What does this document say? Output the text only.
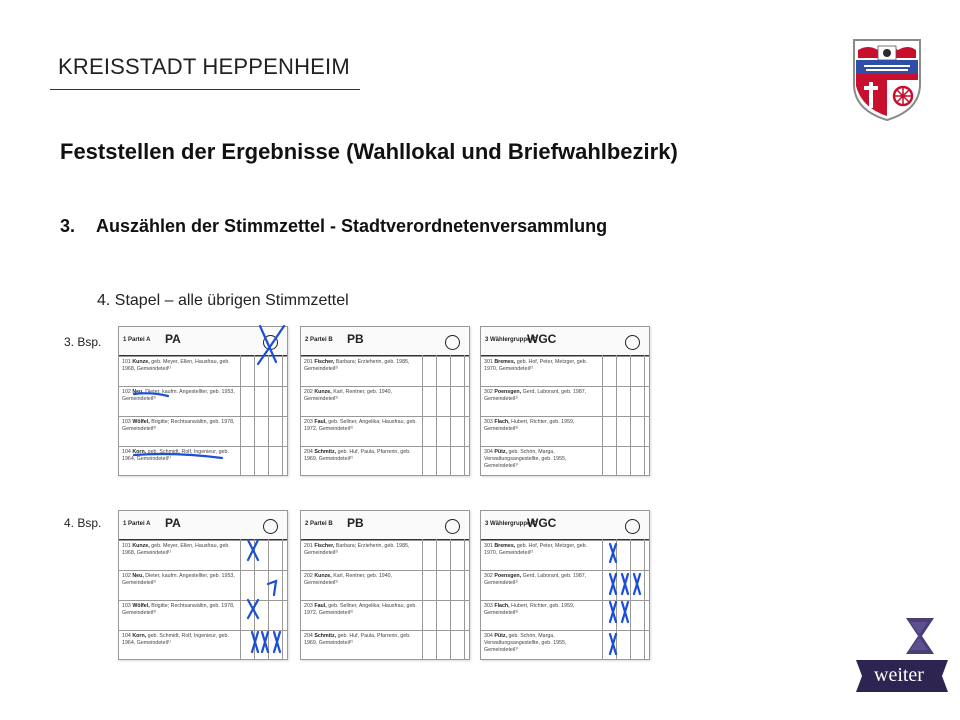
KREISSTADT HEPPENHEIM
Feststellen der Ergebnisse (Wahllokal und Briefwahlbezirk)
3. Auszählen der Stimmzettel - Stadtverordnetenversammlung
4. Stapel – alle übrigen Stimmzettel
3. Bsp.
4. Bsp.
1 Partei A PA
101 Kunze, geb. Meyer, Ellen, Hausfrau, geb. 1968, Gemeindeteil¹⁾
102 Neu, Dieter, kaufm. Angestellter, geb. 1953, Gemeindeteil²⁾
103 Wölfel, Brigitte; Rechtsanwältin, geb. 1978, Gemeindeteil³⁾
104 Korn, geb. Schmidt, Rolf, Ingenieur, geb. 1964, Gemeindeteil¹⁾
2 Partei B PB
201 Fischer, Barbara; Erzieherin, geb. 1985, Gemeindeteil²⁾
202 Kunze, Karl, Rentner, geb. 1940, Gemeindeteil¹⁾
203 Faul, geb. Sellner, Angelika; Hausfrau, geb. 1972, Gemeindeteil³⁾
204 Schmitz, geb. Huf, Paula, Pfarrerin, geb. 1969, Gemeindeteil²⁾
3 Wählergruppe C
WGC
301 Bremes, geb. Hof, Peter, Metzger, geb. 1970, Gemeindeteil²⁾
302 Poensgen, Gerd, Laborant, geb. 1987, Gemeindeteil¹⁾
303 Flach, Hubert, Richter, geb. 1959, Gemeindeteil³⁾
304 Pütz, geb. Schön, Marga, Verwaltungsangestellte, geb. 1955, Gemeindeteil¹⁾
1 Partei A PA
101 Kunze, geb. Meyer, Ellen, Hausfrau, geb. 1968, Gemeindeteil¹⁾
102 Neu, Dieter, kaufm. Angestellter, geb. 1953, Gemeindeteil²⁾
103 Wölfel, Brigitte; Rechtsanwältin, geb. 1978, Gemeindeteil³⁾
104 Korn, geb. Schmidt, Rolf, Ingenieur, geb. 1964, Gemeindeteil¹⁾
2 Partei B PB
201 Fischer, Barbara; Erzieherin, geb. 1985, Gemeindeteil²⁾
202 Kunze, Karl, Rentner, geb. 1940, Gemeindeteil¹⁾
203 Faul, geb. Sellner, Angelika; Hausfrau, geb. 1972, Gemeindeteil³⁾
204 Schmitz, geb. Huf, Paula, Pfarrerin, geb. 1969, Gemeindeteil²⁾
3 Wählergruppe C
WGC
301 Bremes, geb. Hof, Peter, Metzger, geb. 1970, Gemeindeteil²⁾
302 Poensgen, Gerd, Laborant, geb. 1987, Gemeindeteil¹⁾
303 Flach, Hubert, Richter, geb. 1959, Gemeindeteil³⁾
304 Pütz, geb. Schön, Marga, Verwaltungsangestellte, geb. 1955, Gemeindeteil¹⁾
weiter
